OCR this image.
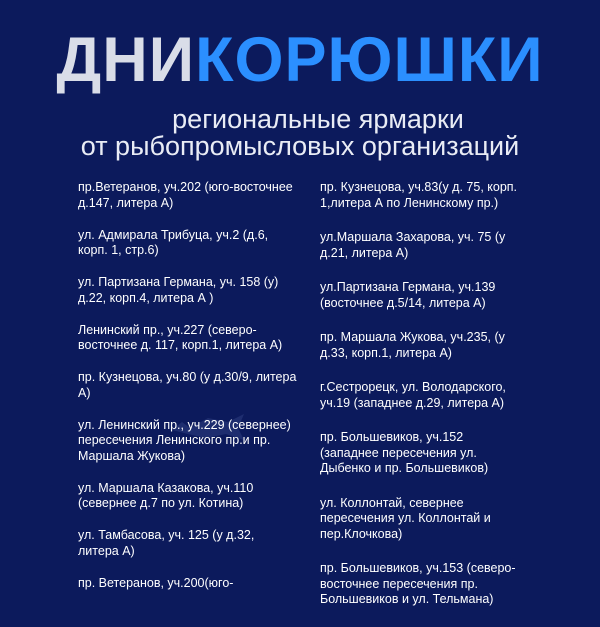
ДНИКОРЮШКИ
региональные ярмарки
от рыбопромысловых организаций

пр.Ветеранов, уч.202 (юго-восточнее д.147, литера А)

ул. Адмирала Трибуца, уч.2 (д.6, корп. 1, стр.6)

ул. Партизана Германа, уч. 158 (у) д.22, корп.4, литера А )

Ленинский пр., уч.227 (северо-восточнее д. 117, корп.1, литера А)

пр. Кузнецова, уч.80 (у д.30/9, литера А)

ул. Ленинский пр., уч.229 (севернее) пересечения Ленинского пр.и пр. Маршала Жукова)

ул. Маршала Казакова, уч.110 (севернее д.7 по ул. Котина)

ул. Тамбасова, уч. 125 (у д.32, литера А)

пр. Ветеранов, уч.200(юго-

пр. Кузнецова, уч.83(у д. 75, корп. 1,литера А по Ленинскому пр.)

ул.Маршала Захарова, уч. 75 (у д.21, литера А)

ул.Партизана Германа, уч.139 (восточнее д.5/14, литера А)

пр. Маршала Жукова, уч.235, (у д.33, корп.1, литера А)

г.Сестрорецк, ул. Володарского, уч.19 (западнее д.29, литера А)

пр. Большевиков, уч.152 (западнее пересечения ул. Дыбенко и пр. Большевиков)

ул. Коллонтай, севернее пересечения ул. Коллонтай и пер.Клочкова)

пр. Большевиков, уч.153 (северо-восточнее пересечения пр. Большевиков и ул. Тельмана)
